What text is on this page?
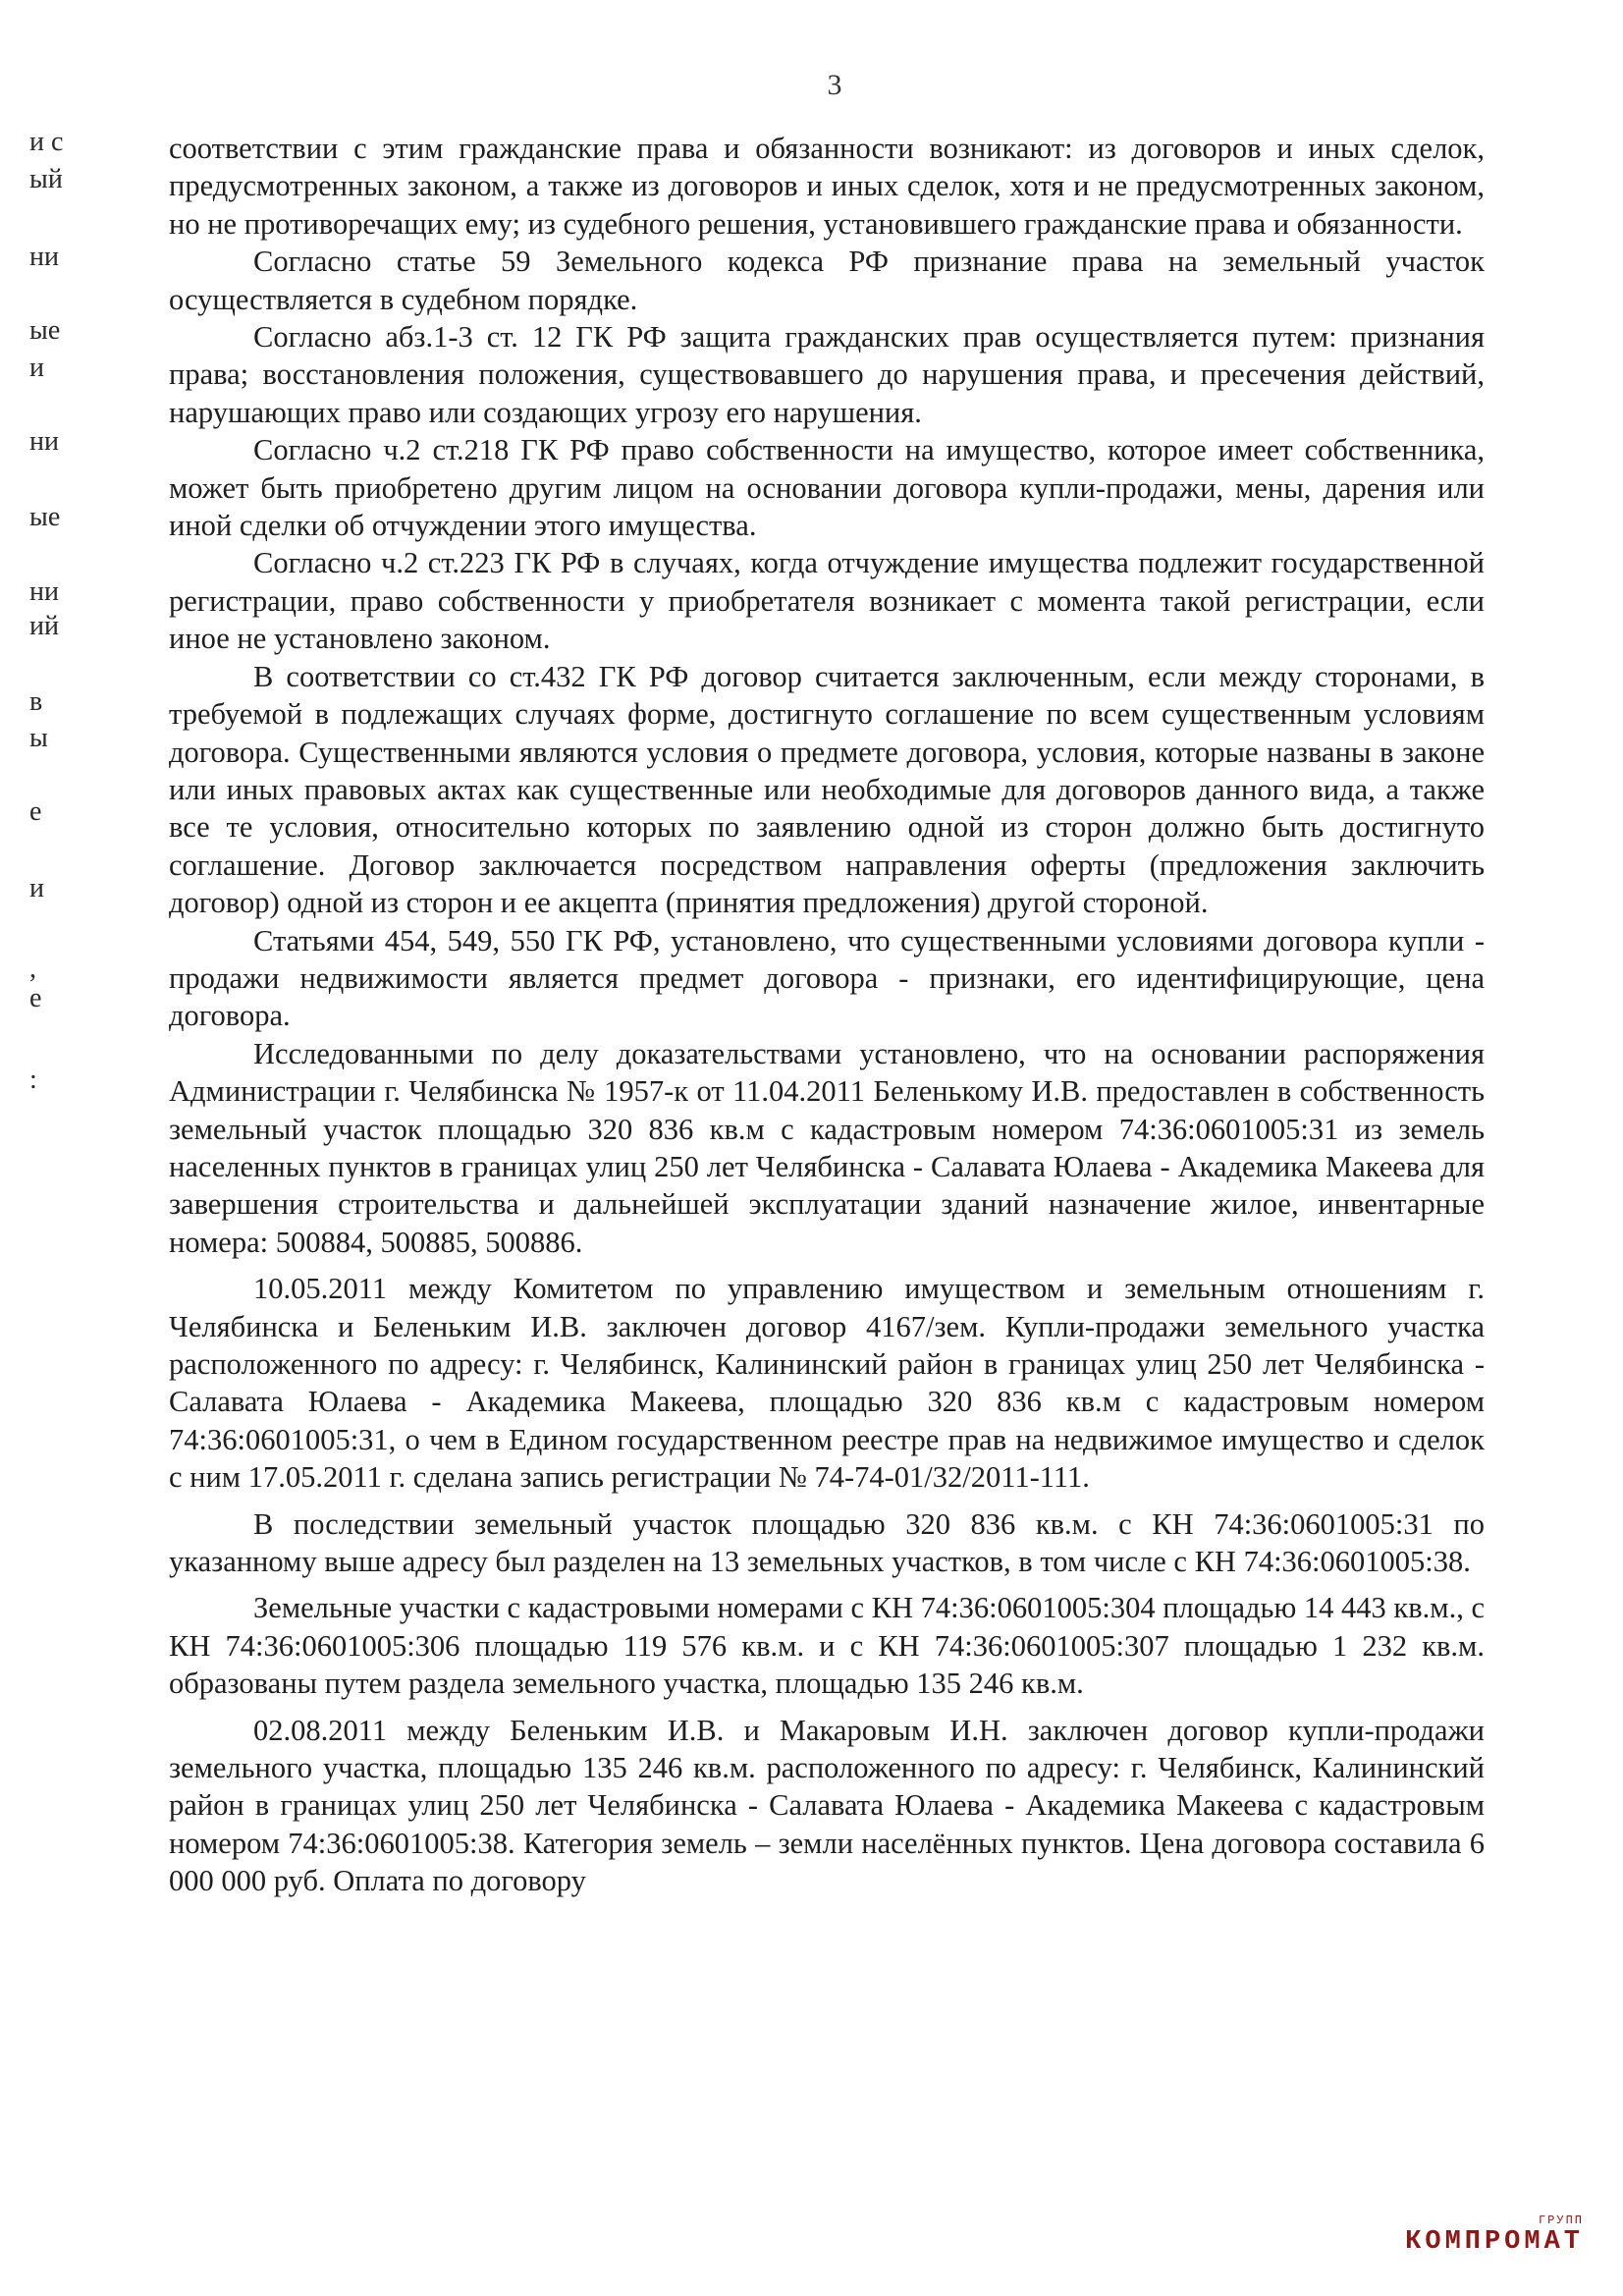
3
и с
ый
ни
ые
и
ни
ые
ни
ий
в
ы
е
и
,
е
:

соответствии с этим гражданские права и обязанности возникают: из договоров и иных сделок, предусмотренных законом, а также из договоров и иных сделок, хотя и не предусмотренных законом, но не противоречащих ему; из судебного решения, установившего гражданские права и обязанности.

Согласно статье 59 Земельного кодекса РФ признание права на земельный участок осуществляется в судебном порядке.

Согласно абз.1-3 ст. 12 ГК РФ защита гражданских прав осуществляется путем: признания права; восстановления положения, существовавшего до нарушения права, и пресечения действий, нарушающих право или создающих угрозу его нарушения.

Согласно ч.2 ст.218 ГК РФ право собственности на имущество, которое имеет собственника, может быть приобретено другим лицом на основании договора купли-продажи, мены, дарения или иной сделки об отчуждении этого имущества.

Согласно ч.2 ст.223 ГК РФ в случаях, когда отчуждение имущества подлежит государственной регистрации, право собственности у приобретателя возникает с момента такой регистрации, если иное не установлено законом.

В соответствии со ст.432 ГК РФ договор считается заключенным, если между сторонами, в требуемой в подлежащих случаях форме, достигнуто соглашение по всем существенным условиям договора. Существенными являются условия о предмете договора, условия, которые названы в законе или иных правовых актах как существенные или необходимые для договоров данного вида, а также все те условия, относительно которых по заявлению одной из сторон должно быть достигнуто соглашение. Договор заключается посредством направления оферты (предложения заключить договор) одной из сторон и ее акцепта (принятия предложения) другой стороной.

Статьями 454, 549, 550 ГК РФ, установлено, что существенными условиями договора купли - продажи недвижимости является предмет договора - признаки, его идентифицирующие, цена договора.

Исследованными по делу доказательствами установлено, что на основании распоряжения Администрации г. Челябинска № 1957-к от 11.04.2011 Беленькому И.В. предоставлен в собственность земельный участок площадью 320 836 кв.м с кадастровым номером 74:36:0601005:31 из земель населенных пунктов в границах улиц 250 лет Челябинска - Салавата Юлаева - Академика Макеева для завершения строительства и дальнейшей эксплуатации зданий назначение жилое, инвентарные номера: 500884, 500885, 500886.

10.05.2011 между Комитетом по управлению имуществом и земельным отношениям г. Челябинска и Беленьким И.В. заключен договор 4167/зем. Купли-продажи земельного участка расположенного по адресу: г. Челябинск, Калининский район в границах улиц 250 лет Челябинска - Салавата Юлаева - Академика Макеева, площадью 320 836 кв.м с кадастровым номером 74:36:0601005:31, о чем в Едином государственном реестре прав на недвижимое имущество и сделок с ним 17.05.2011 г. сделана запись регистрации № 74-74-01/32/2011-111.

В последствии земельный участок площадью 320 836 кв.м. с КН 74:36:0601005:31 по указанному выше адресу был разделен на 13 земельных участков, в том числе с КН 74:36:0601005:38.

Земельные участки с кадастровыми номерами с КН 74:36:0601005:304 площадью 14 443 кв.м., с КН 74:36:0601005:306 площадью 119 576 кв.м. и с КН 74:36:0601005:307 площадью 1 232 кв.м. образованы путем раздела земельного участка, площадью 135 246 кв.м.

02.08.2011 между Беленьким И.В. и Макаровым И.Н. заключен договор купли-продажи земельного участка, площадью 135 246 кв.м. расположенного по адресу: г. Челябинск, Калининский район в границах улиц 250 лет Челябинска - Салавата Юлаева - Академика Макеева с кадастровым номером 74:36:0601005:38. Категория земель – земли населённых пунктов. Цена договора составила 6 000 000 руб. Оплата по договору

ГРУПП
КОМПРОМАТ
